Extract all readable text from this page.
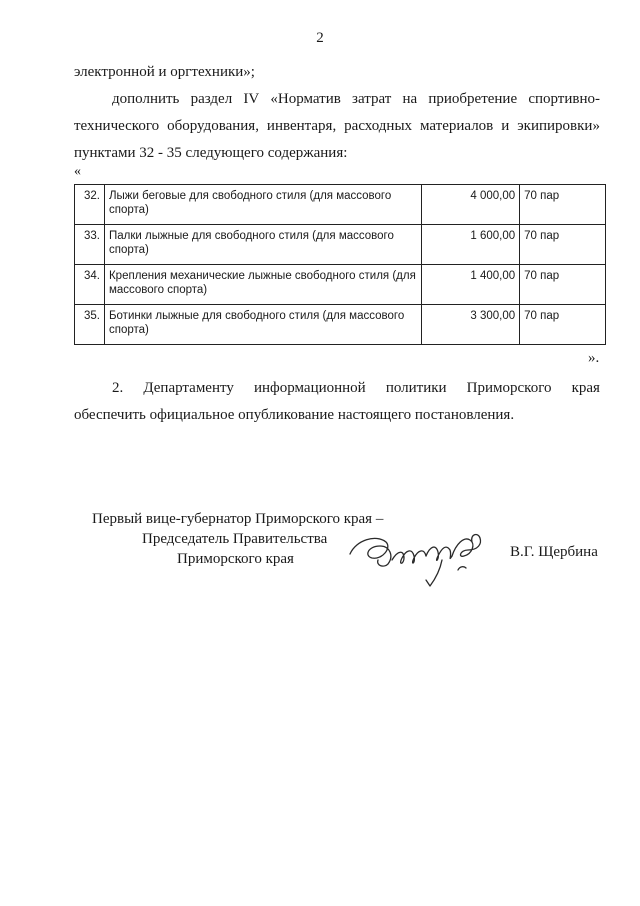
2
электронной и оргтехники»;
дополнить раздел IV «Норматив затрат на приобретение спортивно-
технического оборудования, инвентаря, расходных материалов и экипировки»
пунктами 32 - 35 следующего содержания:
«
32.	Лыжи беговые для свободного стиля (для массового спорта)	4 000,00	70 пар
33.	Палки лыжные для свободного стиля (для массового спорта)	1 600,00	70 пар
34.	Крепления механические лыжные свободного стиля (для массового спорта)	1 400,00	70 пар
35.	Ботинки лыжные для свободного стиля (для массового спорта)	3 300,00	70 пар
».
2. Департаменту информационной политики Приморского края
обеспечить официальное опубликование настоящего постановления.
Первый вице-губернатор Приморского края –
Председатель Правительства
Приморского края	В.Г. Щербина
